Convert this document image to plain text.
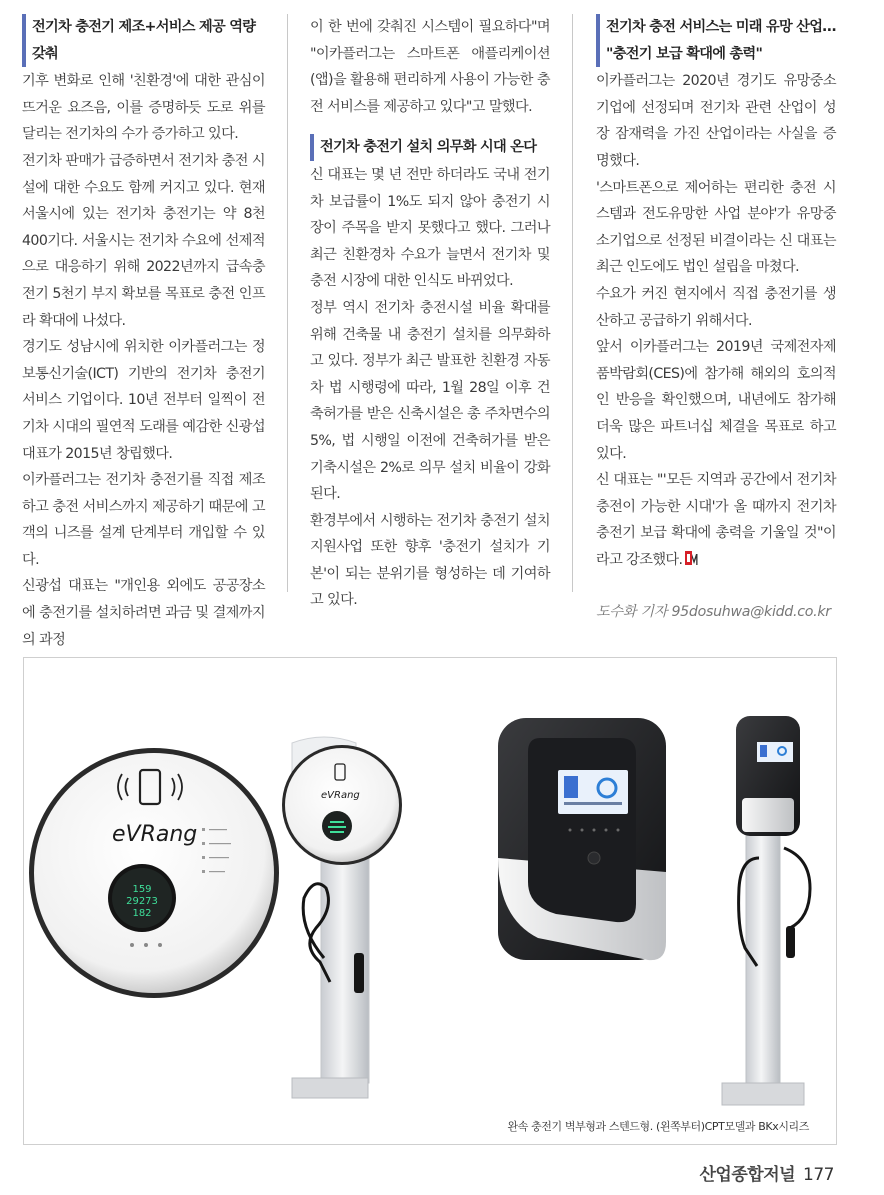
전기차 충전기 제조+서비스 제공 역량 갖춰

기후 변화로 인해 '친환경'에 대한 관심이 뜨거운 요즈음, 이를 증명하듯 도로 위를 달리는 전기차의 수가 증가하고 있다.

전기차 판매가 급증하면서 전기차 충전 시설에 대한 수요도 함께 커지고 있다. 현재 서울시에 있는 전기차 충전기는 약 8천400기다. 서울시는 전기차 수요에 선제적으로 대응하기 위해 2022년까지 급속충전기 5천기 부지 확보를 목표로 충전 인프라 확대에 나섰다.

경기도 성남시에 위치한 이카플러그는 정보통신기술(ICT) 기반의 전기차 충전기 서비스 기업이다. 10년 전부터 일찍이 전기차 시대의 필연적 도래를 예감한 신광섭 대표가 2015년 창립했다.

이카플러그는 전기차 충전기를 직접 제조하고 충전 서비스까지 제공하기 때문에 고객의 니즈를 설계 단계부터 개입할 수 있다.

신광섭 대표는 "개인용 외에도 공공장소에 충전기를 설치하려면 과금 및 결제까지의 과정

이 한 번에 갖춰진 시스템이 필요하다"며 "이카플러그는 스마트폰 애플리케이션(앱)을 활용해 편리하게 사용이 가능한 충전 서비스를 제공하고 있다"고 말했다.

전기차 충전기 설치 의무화 시대 온다

신 대표는 몇 년 전만 하더라도 국내 전기차 보급률이 1%도 되지 않아 충전기 시장이 주목을 받지 못했다고 했다. 그러나 최근 친환경차 수요가 늘면서 전기차 및 충전 시장에 대한 인식도 바뀌었다.

정부 역시 전기차 충전시설 비율 확대를 위해 건축물 내 충전기 설치를 의무화하고 있다. 정부가 최근 발표한 친환경 자동차 법 시행령에 따라, 1월 28일 이후 건축허가를 받은 신축시설은 총 주차면수의 5%, 법 시행일 이전에 건축허가를 받은 기축시설은 2%로 의무 설치 비율이 강화된다.

환경부에서 시행하는 전기차 충전기 설치 지원사업 또한 향후 '충전기 설치가 기본'이 되는 분위기를 형성하는 데 기여하고 있다.

전기차 충전 서비스는 미래 유망 산업… "충전기 보급 확대에 총력"

이카플러그는 2020년 경기도 유망중소기업에 선정되며 전기차 관련 산업이 성장 잠재력을 가진 산업이라는 사실을 증명했다.

'스마트폰으로 제어하는 편리한 충전 시스템과 전도유망한 사업 분야'가 유망중소기업으로 선정된 비결이라는 신 대표는 최근 인도에도 법인 설립을 마쳤다.

수요가 커진 현지에서 직접 충전기를 생산하고 공급하기 위해서다.

앞서 이카플러그는 2019년 국제전자제품박람회(CES)에 참가해 해외의 호의적인 반응을 확인했으며, 내년에도 참가해 더욱 많은 파트너십 체결을 목표로 하고 있다.

신 대표는 "'모든 지역과 공간에서 전기차 충전이 가능한 시대'가 올 때까지 전기차 충전기 보급 확대에 총력을 기울일 것"이라고 강조했다.

도수화 기자 95dosuhwa@kidd.co.kr
eVRang
159
29273
182
eVRang
완속 충전기 벽부형과 스텐드형. (왼쪽부터)CPT모델과 BKx시리즈
산업종합저널 177
